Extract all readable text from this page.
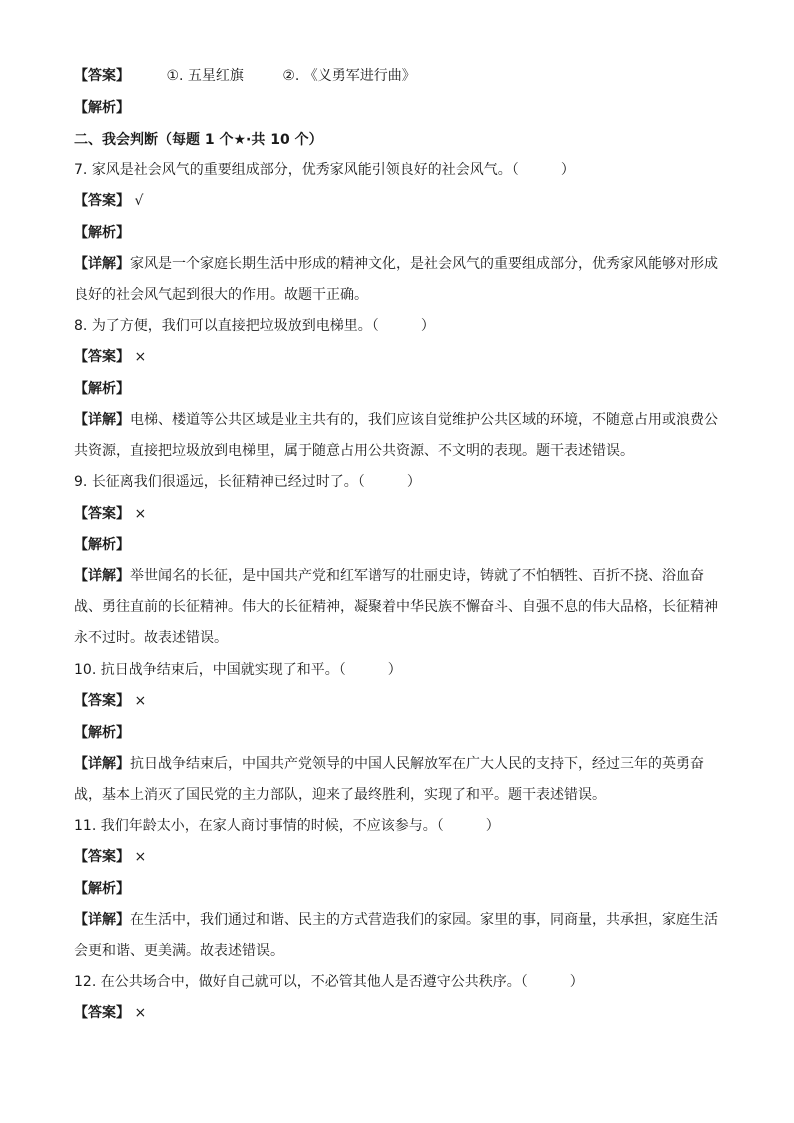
【答案】	①. 五星红旗	②. 《义勇军进行曲》
【解析】
二、我会判断（每题 1 个★·共 10 个）
7. 家风是社会风气的重要组成部分，优秀家风能引领良好的社会风气。（	）
【答案】 √
【解析】
【详解】家风是一个家庭长期生活中形成的精神文化，是社会风气的重要组成部分，优秀家风能够对形成良好的社会风气起到很大的作用。故题干正确。
8. 为了方便，我们可以直接把垃圾放到电梯里。（	）
【答案】 ×
【解析】
【详解】电梯、楼道等公共区域是业主共有的，我们应该自觉维护公共区域的环境，不随意占用或浪费公共资源，直接把垃圾放到电梯里，属于随意占用公共资源、不文明的表现。题干表述错误。
9. 长征离我们很遥远，长征精神已经过时了。（	）
【答案】 ×
【解析】
【详解】举世闻名的长征，是中国共产党和红军谱写的壮丽史诗，铸就了不怕牺牲、百折不挠、浴血奋战、勇往直前的长征精神。伟大的长征精神，凝聚着中华民族不懈奋斗、自强不息的伟大品格，长征精神永不过时。故表述错误。
10. 抗日战争结束后，中国就实现了和平。（	）
【答案】 ×
【解析】
【详解】抗日战争结束后，中国共产党领导的中国人民解放军在广大人民的支持下，经过三年的英勇奋战，基本上消灭了国民党的主力部队，迎来了最终胜利，实现了和平。题干表述错误。
11. 我们年龄太小，在家人商讨事情的时候，不应该参与。（	）
【答案】 ×
【解析】
【详解】在生活中，我们通过和谐、民主的方式营造我们的家园。家里的事，同商量，共承担，家庭生活会更和谐、更美满。故表述错误。
12. 在公共场合中，做好自己就可以，不必管其他人是否遵守公共秩序。（	）
【答案】 ×
